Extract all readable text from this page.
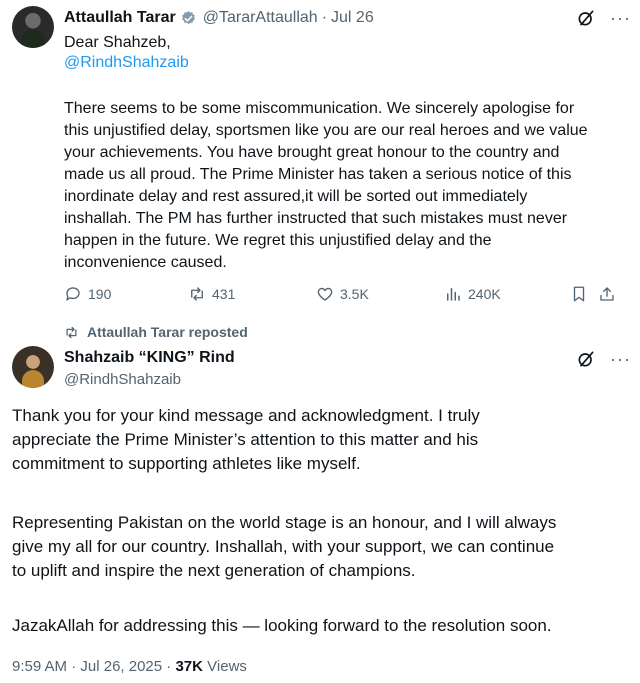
Attaullah Tarar @TararAttaullah · Jul 26	···
Dear Shahzeb,
@RindhShahzaib
There seems to be some miscommunication. We sincerely apologise for
this unjustified delay, sportsmen like you are our real heroes and we value
your achievements. You have brought great honour to the country and
made us all proud. The Prime Minister has taken a serious notice of this
inordinate delay and rest assured,it will be sorted out immediately
inshallah. The PM has further instructed that such mistakes must never
happen in the future. We regret this unjustified delay and the
inconvenience caused.
190	431	3.5K	240K
Attaullah Tarar reposted
Shahzaib “KING” Rind
@RindhShahzaib
···
Thank you for your kind message and acknowledgment. I truly
appreciate the Prime Minister’s attention to this matter and his
commitment to supporting athletes like myself.
Representing Pakistan on the world stage is an honour, and I will always
give my all for our country. Inshallah, with your support, we can continue
to uplift and inspire the next generation of champions.
JazakAllah for addressing this — looking forward to the resolution soon.
9:59 AM · Jul 26, 2025 · 37K Views
